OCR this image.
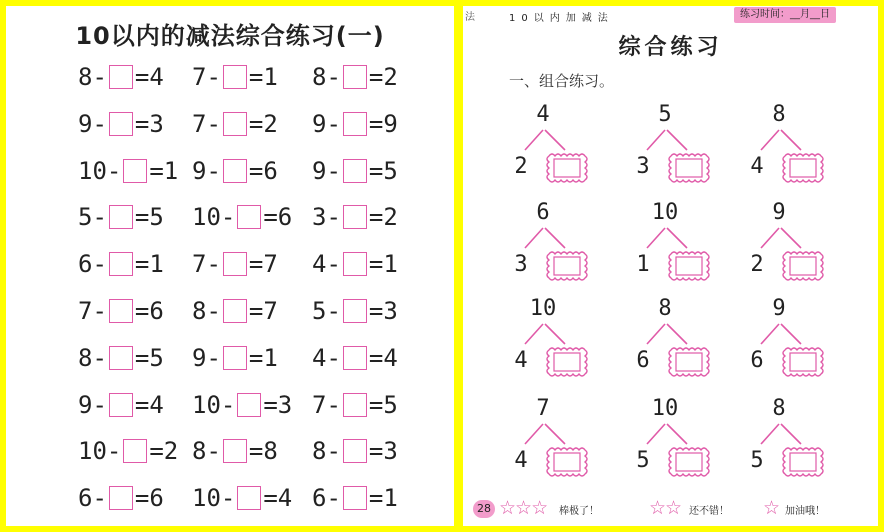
10以内的减法综合练习(一)
8- =4 7- =1 8- =2
9- =3 7- =2 9- =9
10- =1 9- =6 9- =5
5- =5 10- =6 3- =2
6- =1 7- =7 4- =1
7- =6 8- =7 5- =3
8- =5 9- =1 4- =4
9- =4 10- =3 7- =5
10- =2 8- =8 8- =3
6- =6 10- =4 6- =1
法	10以内加减法	练习时间：__月__日
综合练习
一、组合练习。
4
2
5
3
8
4
6
3
10
1
9
2
10
4
8
6
9
6
7
4
10
5
8
5
28 ☆☆☆ 棒极了！	☆☆ 还不错！ ☆ 加油哦！
